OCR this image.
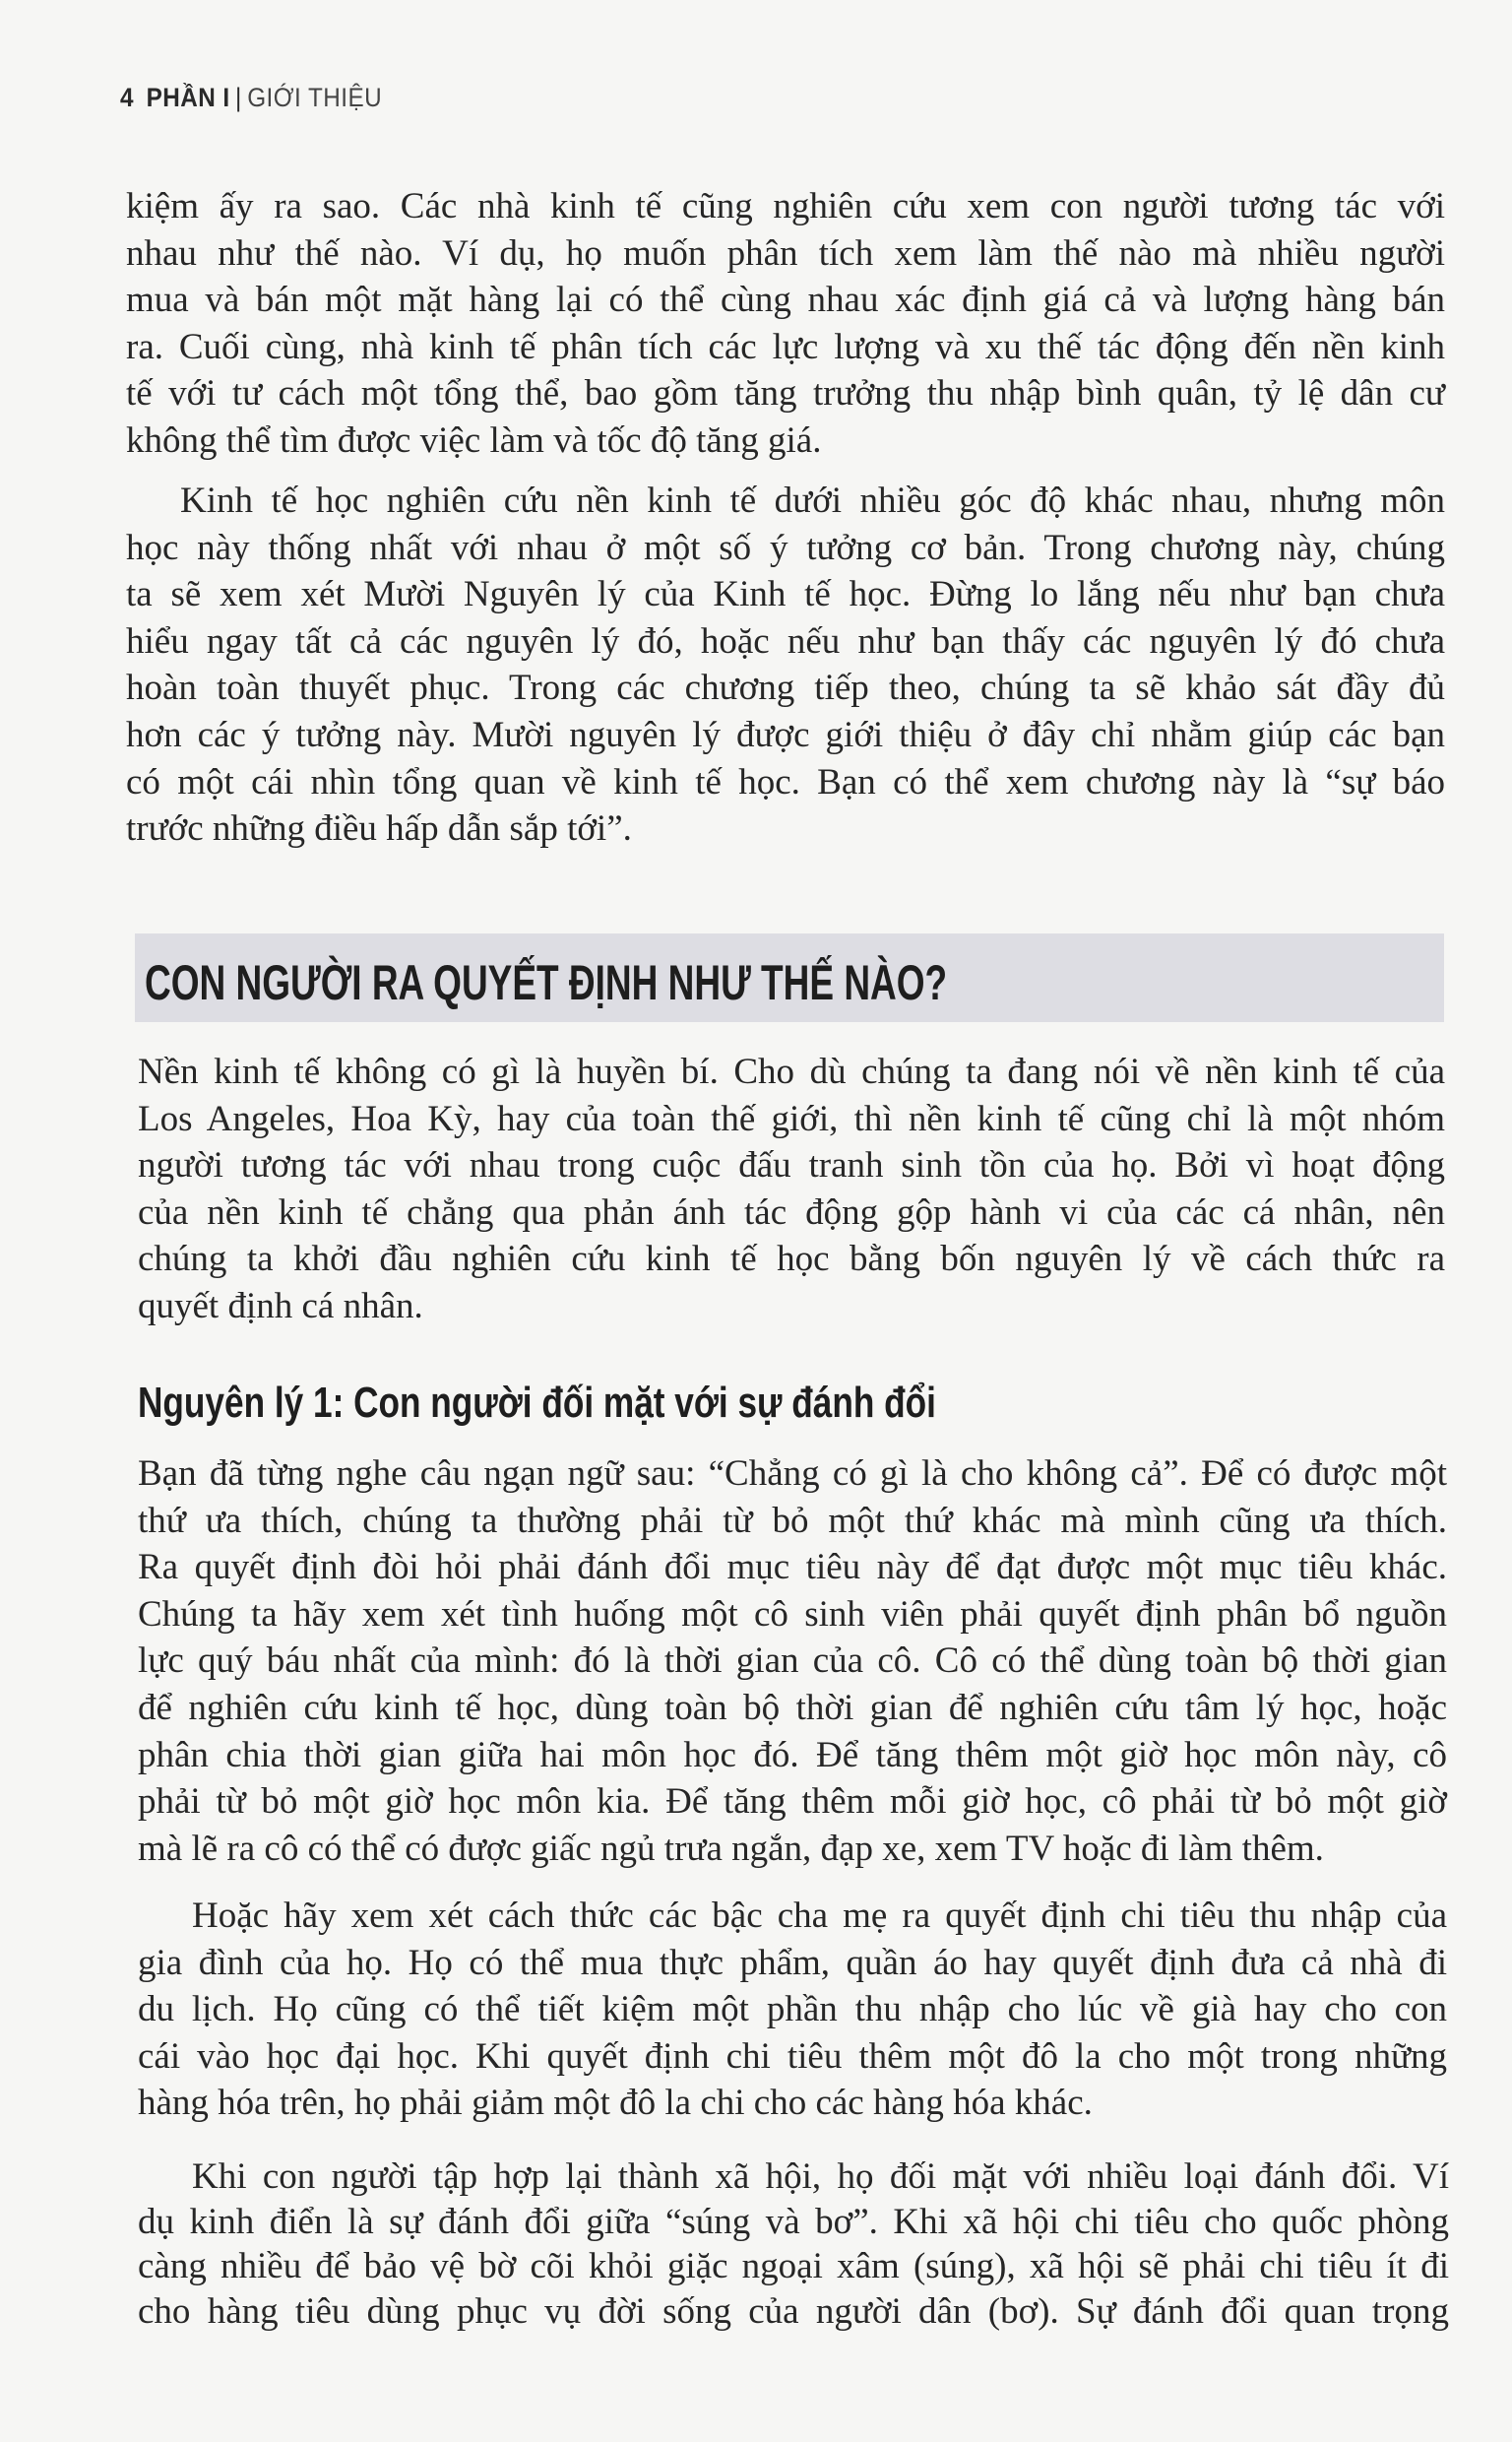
4 PHẦN I | GIỚI THIỆU
kiệm ấy ra sao. Các nhà kinh tế cũng nghiên cứu xem con người tương tác với
nhau như thế nào. Ví dụ, họ muốn phân tích xem làm thế nào mà nhiều người
mua và bán một mặt hàng lại có thể cùng nhau xác định giá cả và lượng hàng bán
ra. Cuối cùng, nhà kinh tế phân tích các lực lượng và xu thế tác động đến nền kinh
tế với tư cách một tổng thể, bao gồm tăng trưởng thu nhập bình quân, tỷ lệ dân cư
không thể tìm được việc làm và tốc độ tăng giá.
Kinh tế học nghiên cứu nền kinh tế dưới nhiều góc độ khác nhau, nhưng môn
học này thống nhất với nhau ở một số ý tưởng cơ bản. Trong chương này, chúng
ta sẽ xem xét Mười Nguyên lý của Kinh tế học. Đừng lo lắng nếu như bạn chưa
hiểu ngay tất cả các nguyên lý đó, hoặc nếu như bạn thấy các nguyên lý đó chưa
hoàn toàn thuyết phục. Trong các chương tiếp theo, chúng ta sẽ khảo sát đầy đủ
hơn các ý tưởng này. Mười nguyên lý được giới thiệu ở đây chỉ nhằm giúp các bạn
có một cái nhìn tổng quan về kinh tế học. Bạn có thể xem chương này là “sự báo
trước những điều hấp dẫn sắp tới”.
CON NGƯỜI RA QUYẾT ĐỊNH NHƯ THẾ NÀO?
Nền kinh tế không có gì là huyền bí. Cho dù chúng ta đang nói về nền kinh tế của
Los Angeles, Hoa Kỳ, hay của toàn thế giới, thì nền kinh tế cũng chỉ là một nhóm
người tương tác với nhau trong cuộc đấu tranh sinh tồn của họ. Bởi vì hoạt động
của nền kinh tế chẳng qua phản ánh tác động gộp hành vi của các cá nhân, nên
chúng ta khởi đầu nghiên cứu kinh tế học bằng bốn nguyên lý về cách thức ra
quyết định cá nhân.
Nguyên lý 1: Con người đối mặt với sự đánh đổi
Bạn đã từng nghe câu ngạn ngữ sau: “Chẳng có gì là cho không cả”. Để có được một
thứ ưa thích, chúng ta thường phải từ bỏ một thứ khác mà mình cũng ưa thích.
Ra quyết định đòi hỏi phải đánh đổi mục tiêu này để đạt được một mục tiêu khác.
Chúng ta hãy xem xét tình huống một cô sinh viên phải quyết định phân bổ nguồn
lực quý báu nhất của mình: đó là thời gian của cô. Cô có thể dùng toàn bộ thời gian
để nghiên cứu kinh tế học, dùng toàn bộ thời gian để nghiên cứu tâm lý học, hoặc
phân chia thời gian giữa hai môn học đó. Để tăng thêm một giờ học môn này, cô
phải từ bỏ một giờ học môn kia. Để tăng thêm mỗi giờ học, cô phải từ bỏ một giờ
mà lẽ ra cô có thể có được giấc ngủ trưa ngắn, đạp xe, xem TV hoặc đi làm thêm.
Hoặc hãy xem xét cách thức các bậc cha mẹ ra quyết định chi tiêu thu nhập của
gia đình của họ. Họ có thể mua thực phẩm, quần áo hay quyết định đưa cả nhà đi
du lịch. Họ cũng có thể tiết kiệm một phần thu nhập cho lúc về già hay cho con
cái vào học đại học. Khi quyết định chi tiêu thêm một đô la cho một trong những
hàng hóa trên, họ phải giảm một đô la chi cho các hàng hóa khác.
Khi con người tập hợp lại thành xã hội, họ đối mặt với nhiều loại đánh đổi. Ví
dụ kinh điển là sự đánh đổi giữa “súng và bơ”. Khi xã hội chi tiêu cho quốc phòng
càng nhiều để bảo vệ bờ cõi khỏi giặc ngoại xâm (súng), xã hội sẽ phải chi tiêu ít đi
cho hàng tiêu dùng phục vụ đời sống của người dân (bơ). Sự đánh đổi quan trọng
